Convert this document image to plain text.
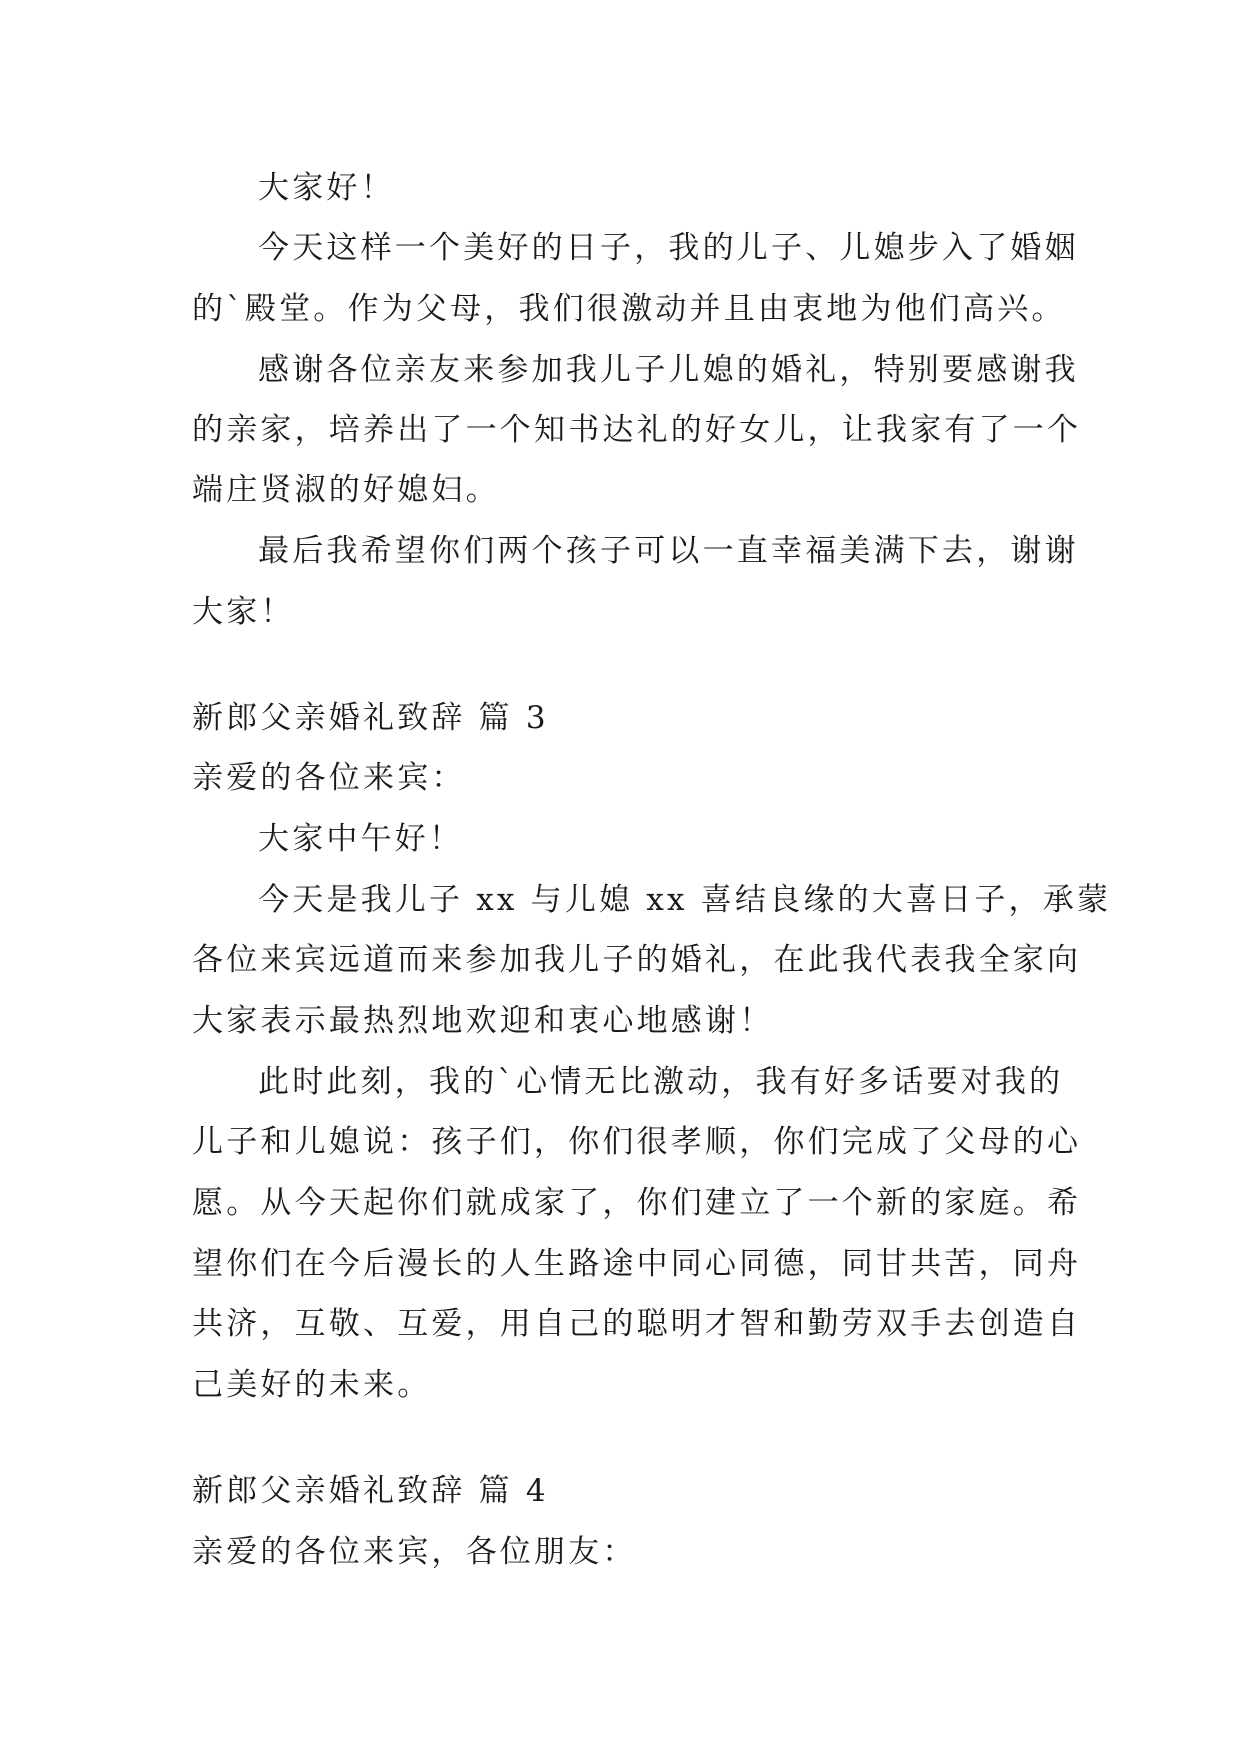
大家好！
今天这样一个美好的日子，我的儿子、儿媳步入了婚姻
的`殿堂。作为父母，我们很激动并且由衷地为他们高兴。
感谢各位亲友来参加我儿子儿媳的婚礼，特别要感谢我
的亲家，培养出了一个知书达礼的好女儿，让我家有了一个
端庄贤淑的好媳妇。
最后我希望你们两个孩子可以一直幸福美满下去，谢谢
大家！
新郎父亲婚礼致辞 篇 3
亲爱的各位来宾：
大家中午好！
今天是我儿子 xx 与儿媳 xx 喜结良缘的大喜日子，承蒙
各位来宾远道而来参加我儿子的婚礼，在此我代表我全家向
大家表示最热烈地欢迎和衷心地感谢！
此时此刻，我的`心情无比激动，我有好多话要对我的
儿子和儿媳说：孩子们，你们很孝顺，你们完成了父母的心
愿。从今天起你们就成家了，你们建立了一个新的家庭。希
望你们在今后漫长的人生路途中同心同德，同甘共苦，同舟
共济，互敬、互爱，用自己的聪明才智和勤劳双手去创造自
己美好的未来。
新郎父亲婚礼致辞 篇 4
亲爱的各位来宾，各位朋友：
